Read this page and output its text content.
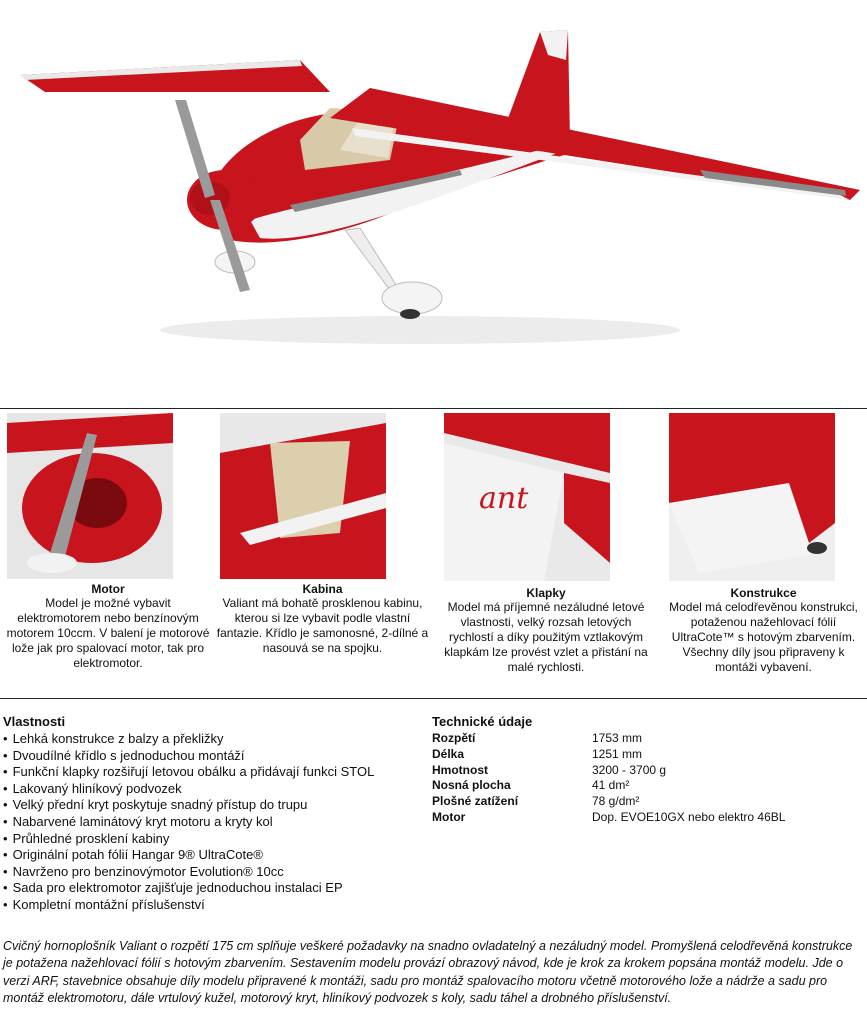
Motor
Model je možné vybavit elektromotorem nebo benzínovým motorem 10ccm. V balení je motorové lože jak pro spalovací motor, tak pro elektromotor.
Kabina
Valiant má bohatě prosklenou kabinu, kterou si lze vybavit podle vlastní fantazie. Křídlo je samonosné, 2-dílné a nasouvá se na spojku.
ant
Klapky
Model má příjemné nezáludné letové vlastnosti, velký rozsah letových rychlostí a díky použitým vztlakovým klapkám lze provést vzlet a přistání na malé rychlosti.
Konstrukce
Model má celodřevěnou konstrukci, potaženou nažehlovací fólií UltraCote™ s hotovým zbarvením. Všechny díly jsou připraveny k montáži vybavení.
Vlastnosti
• Lehká konstrukce z balzy a překližky
• Dvoudílné křídlo s jednoduchou montáží
• Funkční klapky rozšiřují letovou obálku a přidávají funkci STOL
• Lakovaný hliníkový podvozek
• Velký přední kryt poskytuje snadný přístup do trupu
• Nabarvené laminátový kryt motoru a kryty kol
• Průhledné prosklení kabiny
• Originální potah fólií Hangar 9® UltraCote®
• Navrženo pro benzinovýmotor Evolution® 10cc
• Sada pro elektromotor zajišťuje jednoduchou instalaci EP
• Kompletní montážní příslušenství
Technické údaje
Rozpětí	1753 mm
Délka	1251 mm
Hmotnost	3200 - 3700 g
Nosná plocha	41 dm²
Plošné zatížení	78 g/dm²
Motor	Dop. EVOE10GX nebo elektro 46BL
Cvičný hornoplošník Valiant o rozpětí 175 cm splňuje veškeré požadavky na snadno ovladatelný a nezáludný model. Promyšlená celodřevěná konstrukce je potažena nažehlovací fólií s hotovým zbarvením. Sestavením modelu provází obrazový návod, kde je krok za krokem popsána montáž modelu. Jde o verzi ARF, stavebnice obsahuje díly modelu připravené k montáži, sadu pro montáž spalovacího motoru včetně motorového lože a nádrže a sadu pro montáž elektromotoru, dále vrtulový kužel, motorový kryt, hliníkový podvozek s koly, sadu táhel a drobného příslušenství.
